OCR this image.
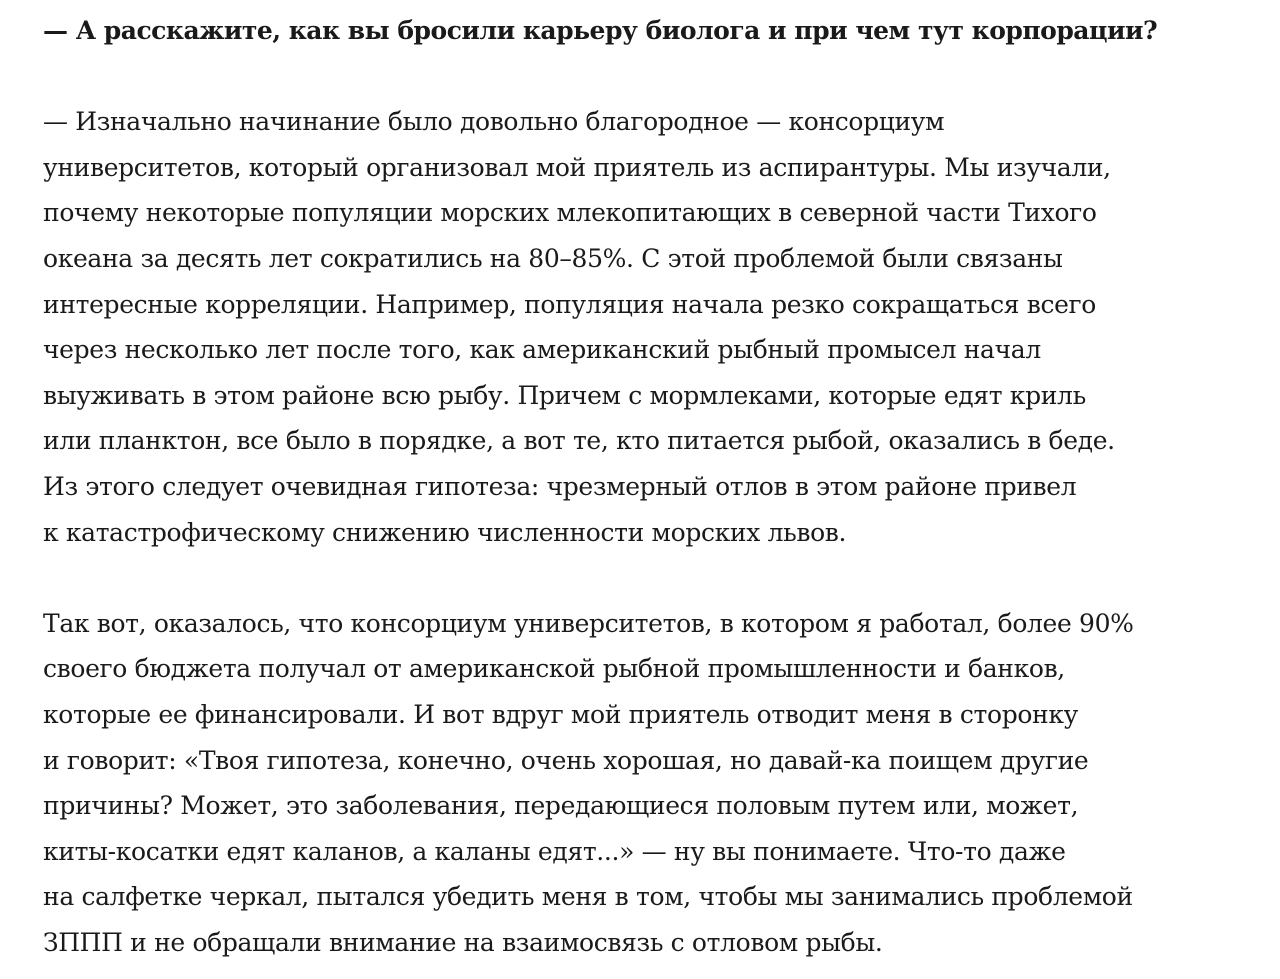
— А расскажите, как вы бросили карьеру биолога и при чем тут корпорации?

— Изначально начинание было довольно благородное — консорциум
университетов, который организовал мой приятель из аспирантуры. Мы изучали,
почему некоторые популяции морских млекопитающих в северной части Тихого
океана за десять лет сократились на 80–85%. С этой проблемой были связаны
интересные корреляции. Например, популяция начала резко сокращаться всего
через несколько лет после того, как американский рыбный промысел начал
выуживать в этом районе всю рыбу. Причем с мормлеками, которые едят криль
или планктон, все было в порядке, а вот те, кто питается рыбой, оказались в беде.
Из этого следует очевидная гипотеза: чрезмерный отлов в этом районе привел
к катастрофическому снижению численности морских львов.

Так вот, оказалось, что консорциум университетов, в котором я работал, более 90%
своего бюджета получал от американской рыбной промышленности и банков,
которые ее финансировали. И вот вдруг мой приятель отводит меня в сторонку
и говорит: «Твоя гипотеза, конечно, очень хорошая, но давай-ка поищем другие
причины? Может, это заболевания, передающиеся половым путем или, может,
киты-косатки едят каланов, а каланы едят...» — ну вы понимаете. Что-то даже
на салфетке черкал, пытался убедить меня в том, чтобы мы занимались проблемой
ЗППП и не обращали внимание на взаимосвязь с отловом рыбы.
